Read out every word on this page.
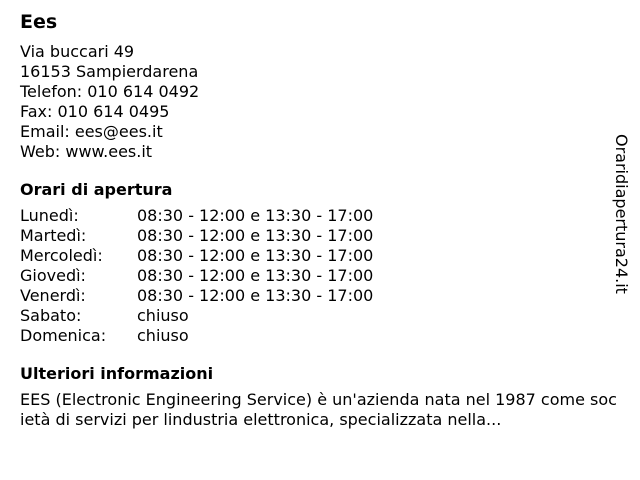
Ees
Via buccari 49
16153 Sampierdarena
Telefon: 010 614 0492
Fax: 010 614 0495
Email: ees@ees.it
Web: www.ees.it
Orari di apertura
Lunedì:	08:30 - 12:00 e 13:30 - 17:00
Martedì:	08:30 - 12:00 e 13:30 - 17:00
Mercoledì:	08:30 - 12:00 e 13:30 - 17:00
Giovedì:	08:30 - 12:00 e 13:30 - 17:00
Venerdì:	08:30 - 12:00 e 13:30 - 17:00
Sabato:	chiuso
Domenica:	chiuso
Ulteriori informazioni
EES (Electronic Engineering Service) è un'azienda nata nel 1987 come società di servizi per lindustria elettronica, specializzata nella...
Oraridiapertura24.it
